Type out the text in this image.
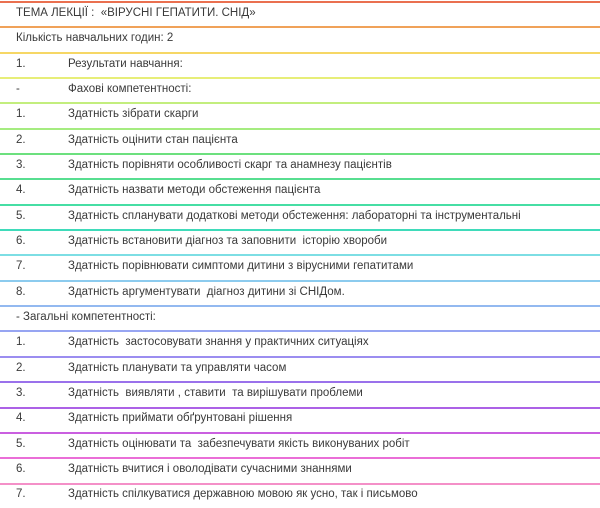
ТЕМА ЛЕКЦІЇ :  «ВІРУСНІ ГЕПАТИТИ. СНІД»
Кількість навчальних годин: 2
1.	Результати навчання:
-	Фахові компетентності:
1.	Здатність зібрати скарги
2.	Здатність оцінити стан пацієнта
3.	Здатність порівняти особливості скарг та анамнезу пацієнтів
4.	Здатність назвати методи обстеження пацієнта
5.	Здатність спланувати додаткові методи обстеження: лабораторні та інструментальні
6.	Здатність встановити діагноз та заповнити  історію хвороби
7.	Здатність порівнювати симптоми дитини з вірусними гепатитами
8.	Здатність аргументувати  діагноз дитини зі СНІДом.
- Загальні компетентності:
1.	Здатність  застосовувати знання у практичних ситуаціях
2.	Здатність планувати та управляти часом
3.	Здатність  виявляти , ставити  та вирішувати проблеми
4.	Здатність приймати обґрунтовані рішення
5.	Здатність оцінювати та  забезпечувати якість виконуваних робіт
6.	Здатність вчитися і оволодівати сучасними знаннями
7.	Здатність спілкуватися державною мовою як усно, так і письмово
